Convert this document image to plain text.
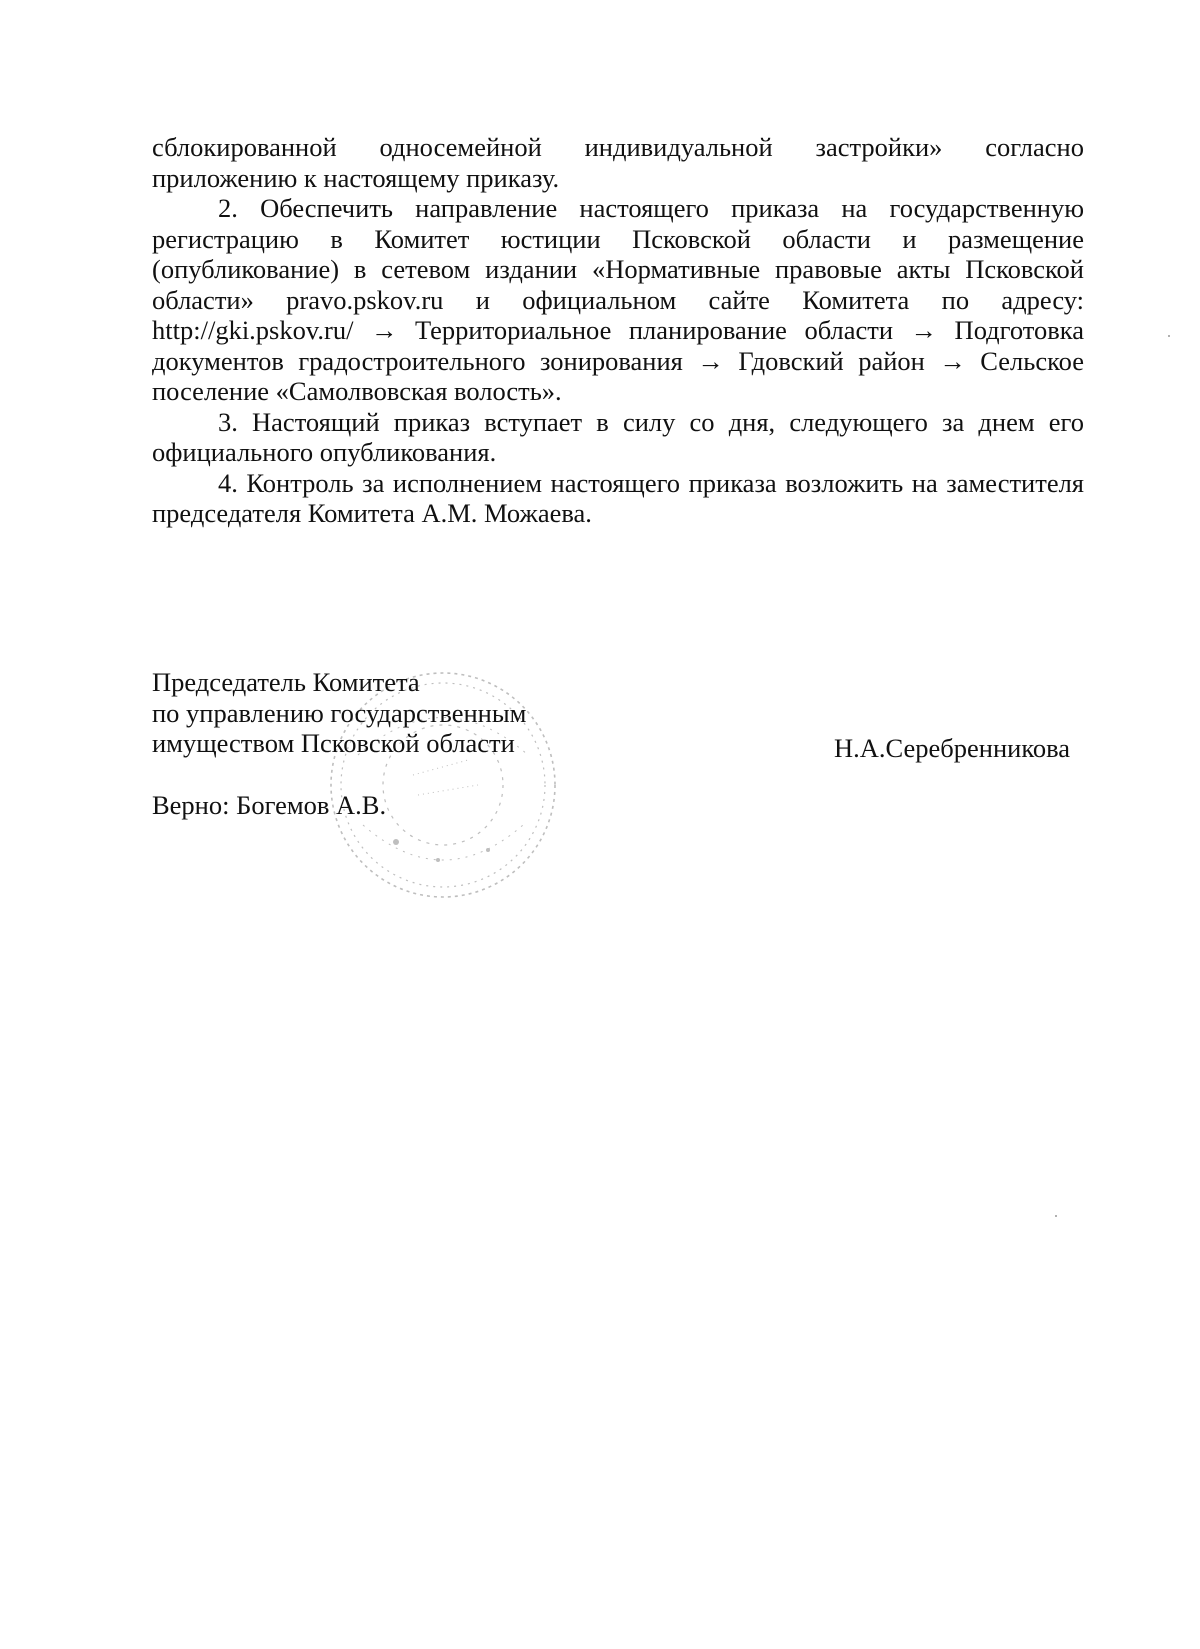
сблокированной односемейной индивидуальной застройки» согласно приложению к настоящему приказу.

2. Обеспечить направление настоящего приказа на государственную регистрацию в Комитет юстиции Псковской области и размещение (опубликование) в сетевом издании «Нормативные правовые акты Псковской области» pravo.pskov.ru и официальном сайте Комитета по адресу: http://gki.pskov.ru/ → Территориальное планирование области → Подготовка документов градостроительного зонирования → Гдовский район → Сельское поселение «Самолвовская волость».

3. Настоящий приказ вступает в силу со дня, следующего за днем его официального опубликования.

4. Контроль за исполнением настоящего приказа возложить на заместителя председателя Комитета А.М. Можаева.

Председатель Комитета
по управлению государственным
имуществом Псковской области	Н.А.Серебренникова
Верно: Богемов А.В.
